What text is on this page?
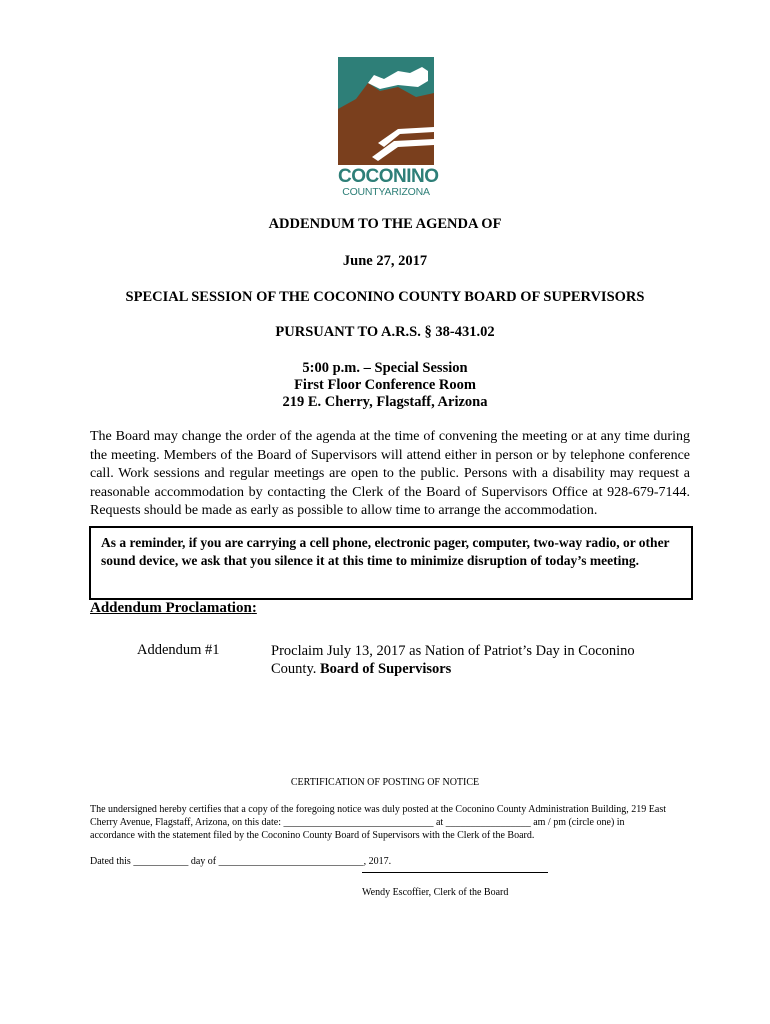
COCONINO
COUNTYARIZONA
ADDENDUM TO THE AGENDA OF
June 27, 2017
SPECIAL SESSION OF THE COCONINO COUNTY BOARD OF SUPERVISORS
PURSUANT TO A.R.S. § 38-431.02
5:00 p.m. – Special Session
First Floor Conference Room
219 E. Cherry, Flagstaff, Arizona
The Board may change the order of the agenda at the time of convening the meeting or at any time during the meeting. Members of the Board of Supervisors will attend either in person or by telephone conference call. Work sessions and regular meetings are open to the public. Persons with a disability may request a reasonable accommodation by contacting the Clerk of the Board of Supervisors Office at 928-679-7144. Requests should be made as early as possible to allow time to arrange the accommodation.
As a reminder, if you are carrying a cell phone, electronic pager, computer, two-way radio, or other sound device, we ask that you silence it at this time to minimize disruption of today’s meeting.
Addendum Proclamation:
Addendum #1	Proclaim July 13, 2017 as Nation of Patriot’s Day in Coconino County. Board of Supervisors
CERTIFICATION OF POSTING OF NOTICE
The undersigned hereby certifies that a copy of the foregoing notice was duly posted at the Coconino County Administration Building, 219 East
Cherry Avenue, Flagstaff, Arizona, on this date: ______________________________ at _________________ am / pm (circle one) in
accordance with the statement filed by the Coconino County Board of Supervisors with the Clerk of the Board.
Dated this ___________ day of _____________________________, 2017.
Wendy Escoffier, Clerk of the Board
